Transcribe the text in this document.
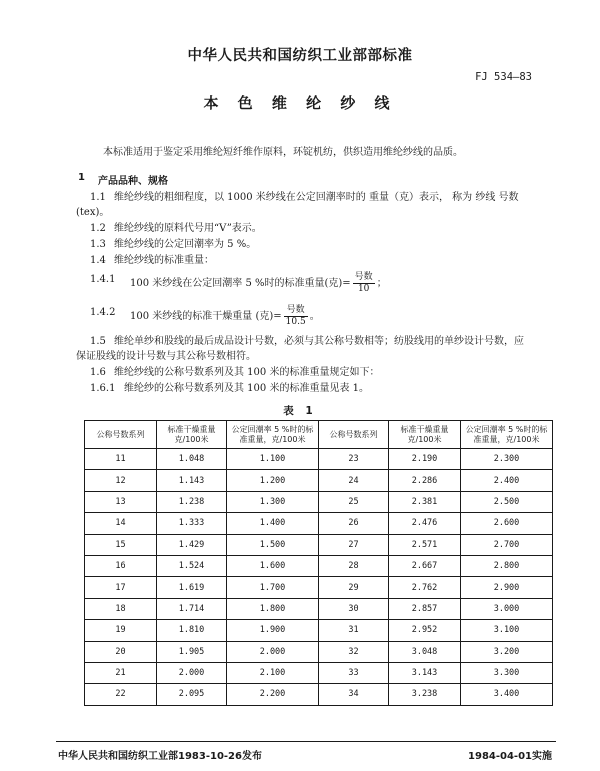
中华人民共和国纺织工业部部标准
FJ 534—83
本 色 维 纶 纱 线
本标准适用于鉴定采用维纶短纤维作原料，环锭机纺，供织造用维纶纱线的品质。
1 产品品种、规格
1.1 维纶纱线的粗细程度，以 1000 米纱线在公定回潮率时的 重量（克）表示， 称为 纱线 号数
(tex)。
1.2 维纶纱线的原料代号用“V”表示。
1.3 维纶纱线的公定回潮率为 5 %。
1.4 维纶纱线的标准重量：
1.4.1 100 米纱线在公定回潮率 5 %时的标准重量(克)= $\frac{\text{号数}}{10}$ ；
1.4.2 100 米纱线的标准干燥重量 (克)= $\frac{\text{号数}}{10.5}$ 。
1.5 维纶单纱和股线的最后成品设计号数，必须与其公称号数相等；纺股线用的单纱设计号数，应
保证股线的设计号数与其公称号数相符。
1.6 维纶纱线的公称号数系列及其 100 米的标准重量规定如下：
1.6.1 维纶纱的公称号数系列及其 100 米的标准重量见表 1。
表 1
公称号数系列	标准干燥重量
克/100米	公定回潮率 5 %时的标
准重量，克/100米	公称号数系列	标准干燥重量
克/100米	公定回潮率 5 %时的标
准重量，克/100米
11	1.048	1.100	23	2.190	2.300
12	1.143	1.200	24	2.286	2.400
13	1.238	1.300	25	2.381	2.500
14	1.333	1.400	26	2.476	2.600
15	1.429	1.500	27	2.571	2.700
16	1.524	1.600	28	2.667	2.800
17	1.619	1.700	29	2.762	2.900
18	1.714	1.800	30	2.857	3.000
19	1.810	1.900	31	2.952	3.100
20	1.905	2.000	32	3.048	3.200
21	2.000	2.100	33	3.143	3.300
22	2.095	2.200	34	3.238	3.400
中华人民共和国纺织工业部1983-10-26发布	1984-04-01实施
